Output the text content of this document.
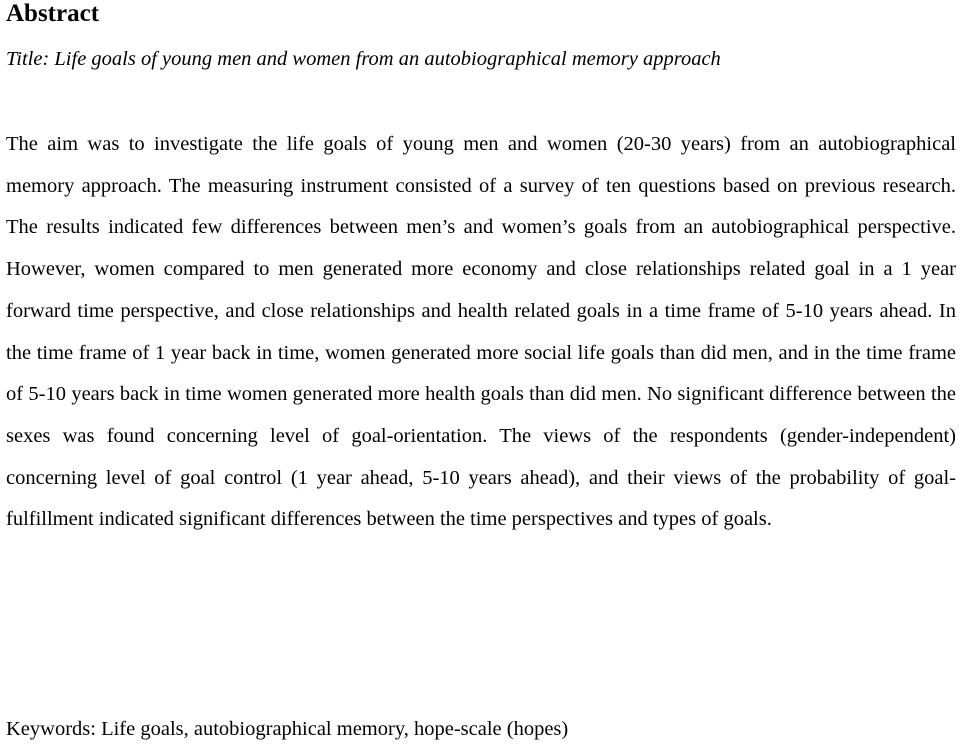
Abstract

Title: Life goals of young men and women from an autobiographical memory approach

The aim was to investigate the life goals of young men and women (20-30 years) from an autobiographical memory approach. The measuring instrument consisted of a survey of ten questions based on previous research. The results indicated few differences between men’s and women’s goals from an autobiographical perspective. However, women compared to men generated more economy and close relationships related goal in a 1 year forward time perspective, and close relationships and health related goals in a time frame of 5-10 years ahead. In the time frame of 1 year back in time, women generated more social life goals than did men, and in the time frame of 5-10 years back in time women generated more health goals than did men. No significant difference between the sexes was found concerning level of goal-orientation. The views of the respondents (gender-independent) concerning level of goal control (1 year ahead, 5-10 years ahead), and their views of the probability of goal-fulfillment indicated significant differences between the time perspectives and types of goals.

Keywords: Life goals, autobiographical memory, hope-scale (hopes)
